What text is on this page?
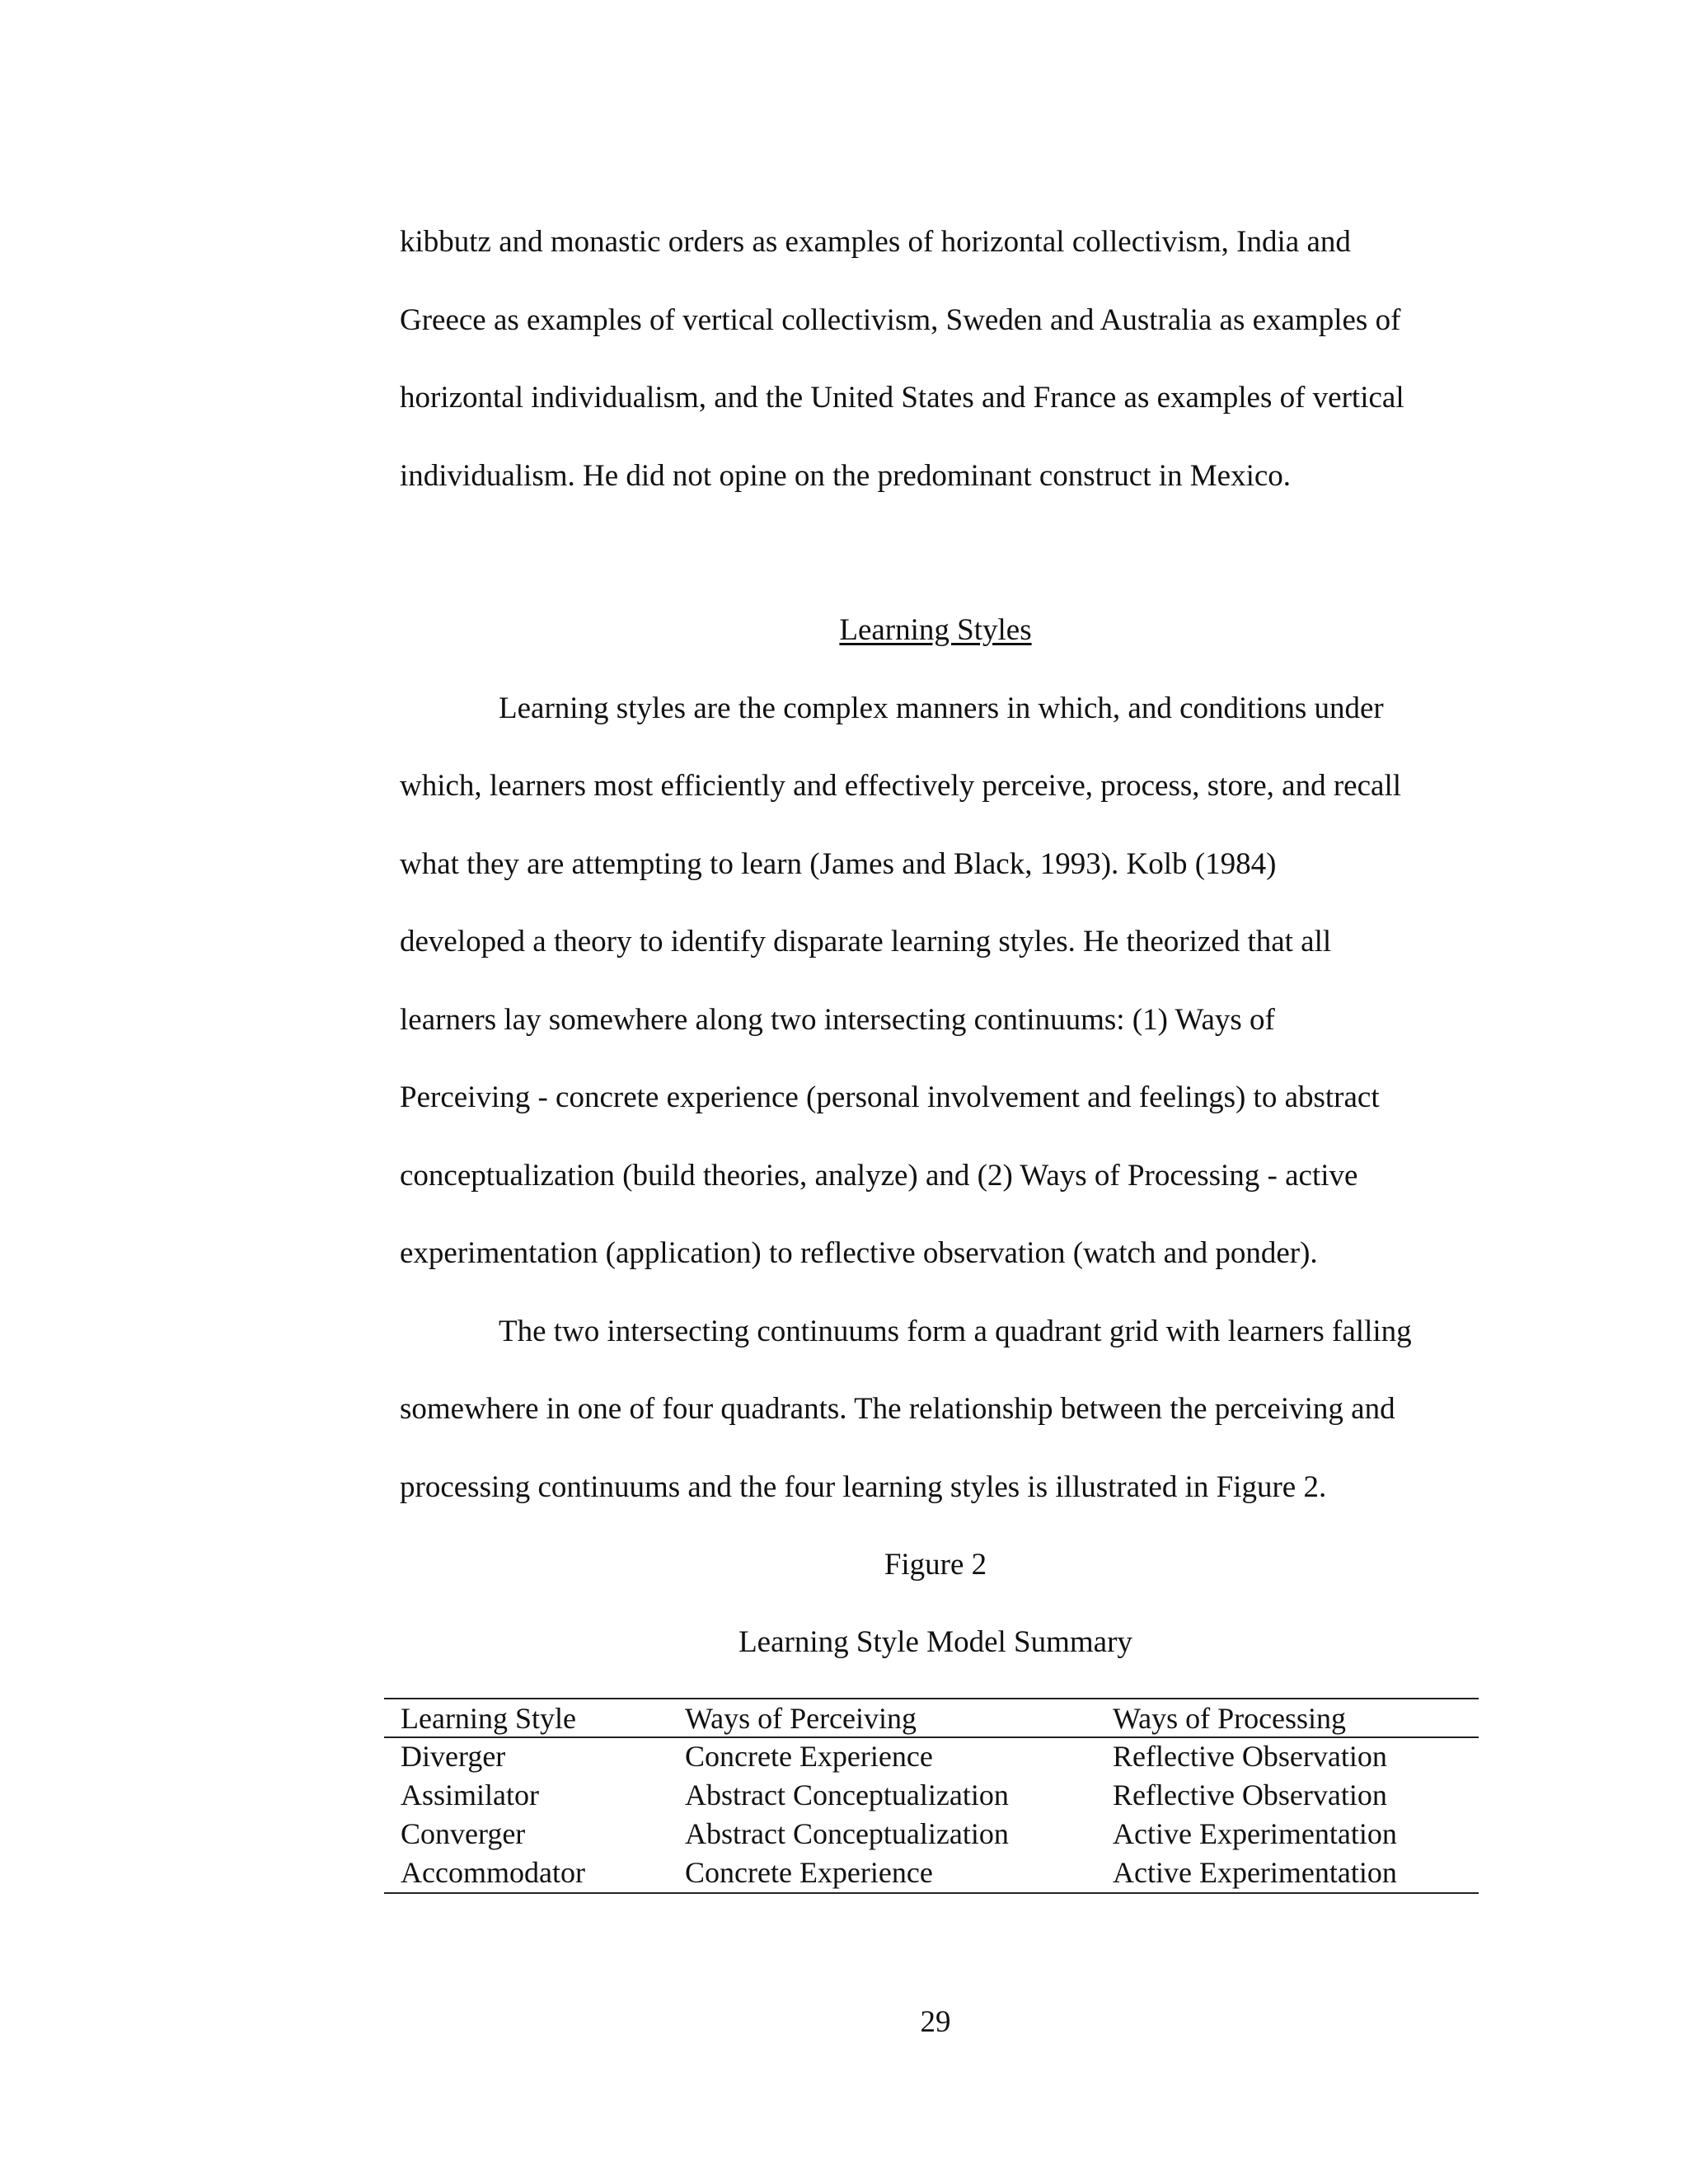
kibbutz and monastic orders as examples of horizontal collectivism, India and
Greece as examples of vertical collectivism, Sweden and Australia as examples of
horizontal individualism, and the United States and France as examples of vertical
individualism. He did not opine on the predominant construct in Mexico.
Learning Styles
Learning styles are the complex manners in which, and conditions under
which, learners most efficiently and effectively perceive, process, store, and recall
what they are attempting to learn (James and Black, 1993). Kolb (1984)
developed a theory to identify disparate learning styles. He theorized that all
learners lay somewhere along two intersecting continuums: (1) Ways of
Perceiving - concrete experience (personal involvement and feelings) to abstract
conceptualization (build theories, analyze) and (2) Ways of Processing - active
experimentation (application) to reflective observation (watch and ponder).
The two intersecting continuums form a quadrant grid with learners falling
somewhere in one of four quadrants. The relationship between the perceiving and
processing continuums and the four learning styles is illustrated in Figure 2.
Figure 2
Learning Style Model Summary
Learning Style	Ways of Perceiving	Ways of Processing
Diverger	Concrete Experience	Reflective Observation
Assimilator	Abstract Conceptualization	Reflective Observation
Converger	Abstract Conceptualization	Active Experimentation
Accommodator	Concrete Experience	Active Experimentation
29
